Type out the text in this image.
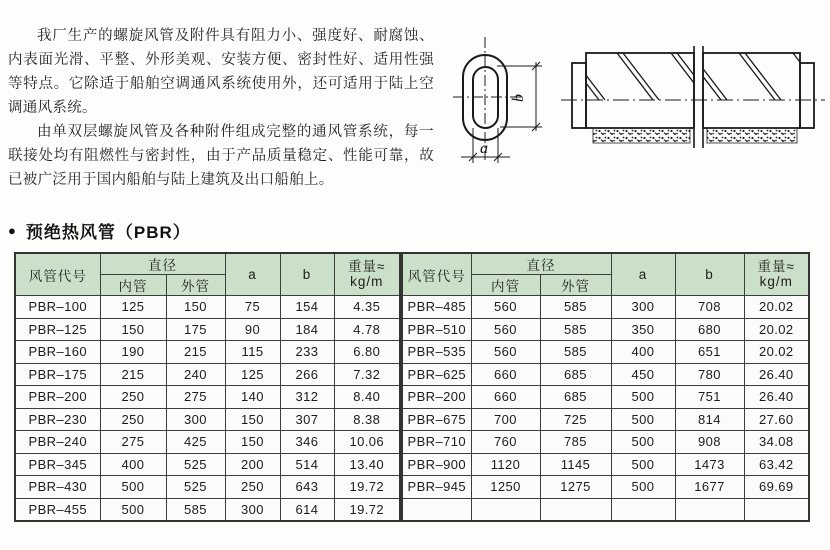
我厂生产的螺旋风管及附件具有阻力小、强度好、耐腐蚀、内表面光滑、平整、外形美观、安装方便、密封性好、适用性强等特点。它除适于船舶空调通风系统使用外，还可适用于陆上空调通风系统。

由单双层螺旋风管及各种附件组成完整的通风管系统，每一联接处均有阻燃性与密封性，由于产品质量稳定、性能可靠，故已被广泛用于国内船舶与陆上建筑及出口船舶上。

b
a
● 预绝热风管（PBR）
风管代号	直径		a	b	重量≈
kg/m

	内管	外管			
PBR–100	125	150	75	154	4.35
PBR–125	150	175	90	184	4.78
PBR–160	190	215	115	233	6.80
PBR–175	215	240	125	266	7.32
PBR–200	250	275	140	312	8.40
PBR–230	250	300	150	307	8.38
PBR–240	275	425	150	346	10.06
PBR–345	400	525	200	514	13.40
PBR–430	500	525	250	643	19.72
PBR–455	500	585	300	614	19.72
风管代号	直径		a	b	重量≈
kg/m

	内管	外管			
PBR–485	560	585	300	708	20.02
PBR–510	560	585	350	680	20.02
PBR–535	560	585	400	651	20.02
PBR–625	660	685	450	780	26.40
PBR–200	660	685	500	751	26.40
PBR–675	700	725	500	814	27.60
PBR–710	760	785	500	908	34.08
PBR–900	1120	1145	500	1473	63.42
PBR–945	1250	1275	500	1677	69.69
